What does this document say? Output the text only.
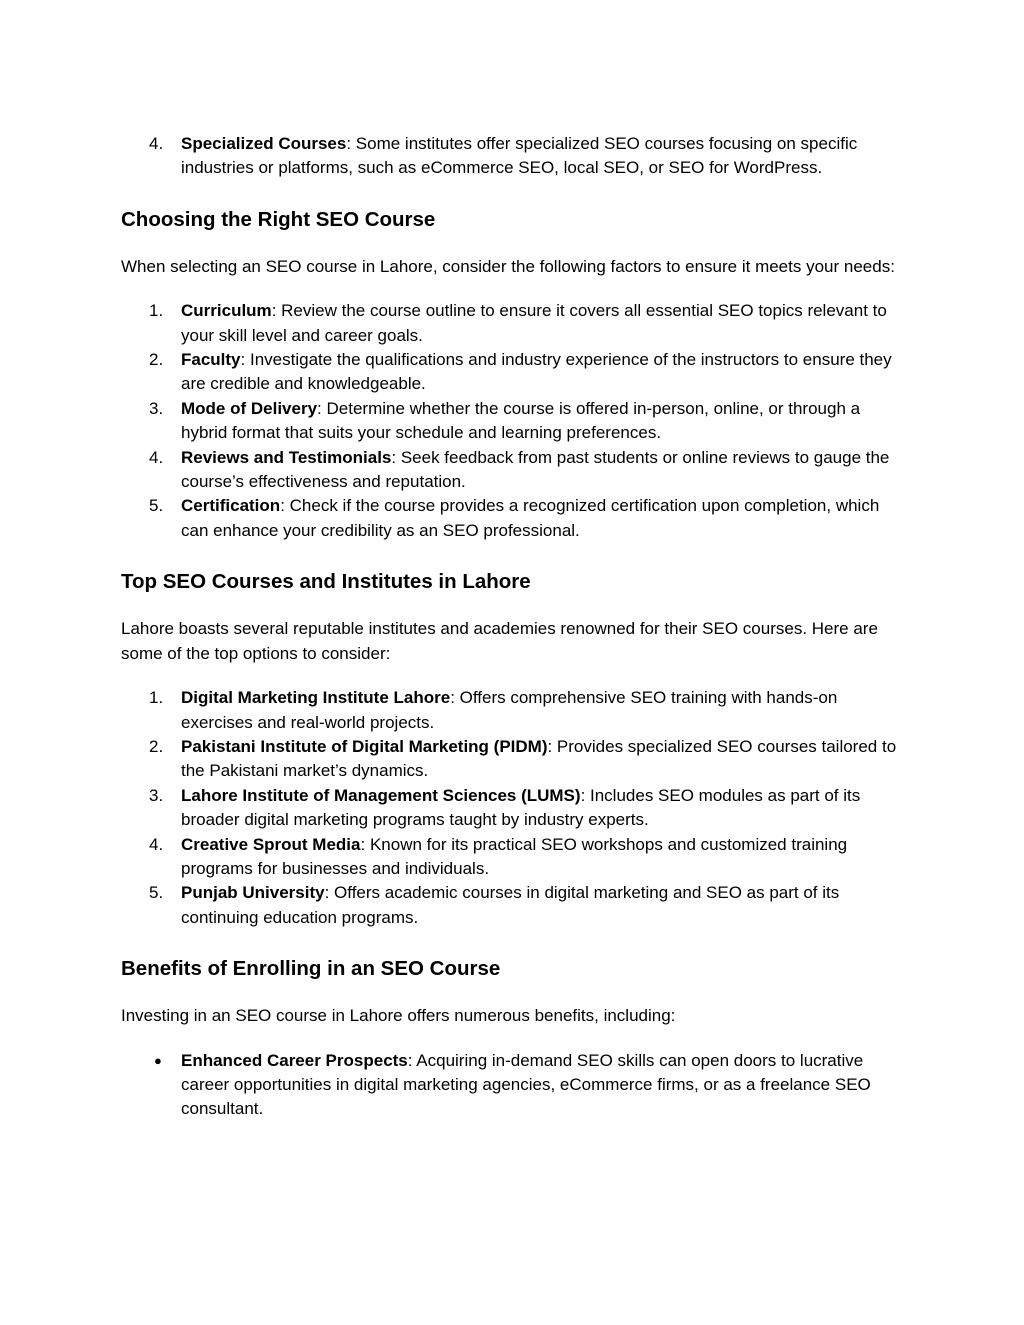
4.	Specialized Courses: Some institutes offer specialized SEO courses focusing on specific industries or platforms, such as eCommerce SEO, local SEO, or SEO for WordPress.
Choosing the Right SEO Course

When selecting an SEO course in Lahore, consider the following factors to ensure it meets your needs:

1.	Curriculum: Review the course outline to ensure it covers all essential SEO topics relevant to your skill level and career goals.
2.	Faculty: Investigate the qualifications and industry experience of the instructors to ensure they are credible and knowledgeable.
3.	Mode of Delivery: Determine whether the course is offered in-person, online, or through a hybrid format that suits your schedule and learning preferences.
4.	Reviews and Testimonials: Seek feedback from past students or online reviews to gauge the course’s effectiveness and reputation.
5.	Certification: Check if the course provides a recognized certification upon completion, which can enhance your credibility as an SEO professional.
Top SEO Courses and Institutes in Lahore

Lahore boasts several reputable institutes and academies renowned for their SEO courses. Here are some of the top options to consider:

1.	Digital Marketing Institute Lahore: Offers comprehensive SEO training with hands-on exercises and real-world projects.
2.	Pakistani Institute of Digital Marketing (PIDM): Provides specialized SEO courses tailored to the Pakistani market’s dynamics.
3.	Lahore Institute of Management Sciences (LUMS): Includes SEO modules as part of its broader digital marketing programs taught by industry experts.
4.	Creative Sprout Media: Known for its practical SEO workshops and customized training programs for businesses and individuals.
5.	Punjab University: Offers academic courses in digital marketing and SEO as part of its continuing education programs.
Benefits of Enrolling in an SEO Course

Investing in an SEO course in Lahore offers numerous benefits, including:

●	Enhanced Career Prospects: Acquiring in-demand SEO skills can open doors to lucrative career opportunities in digital marketing agencies, eCommerce firms, or as a freelance SEO consultant.
